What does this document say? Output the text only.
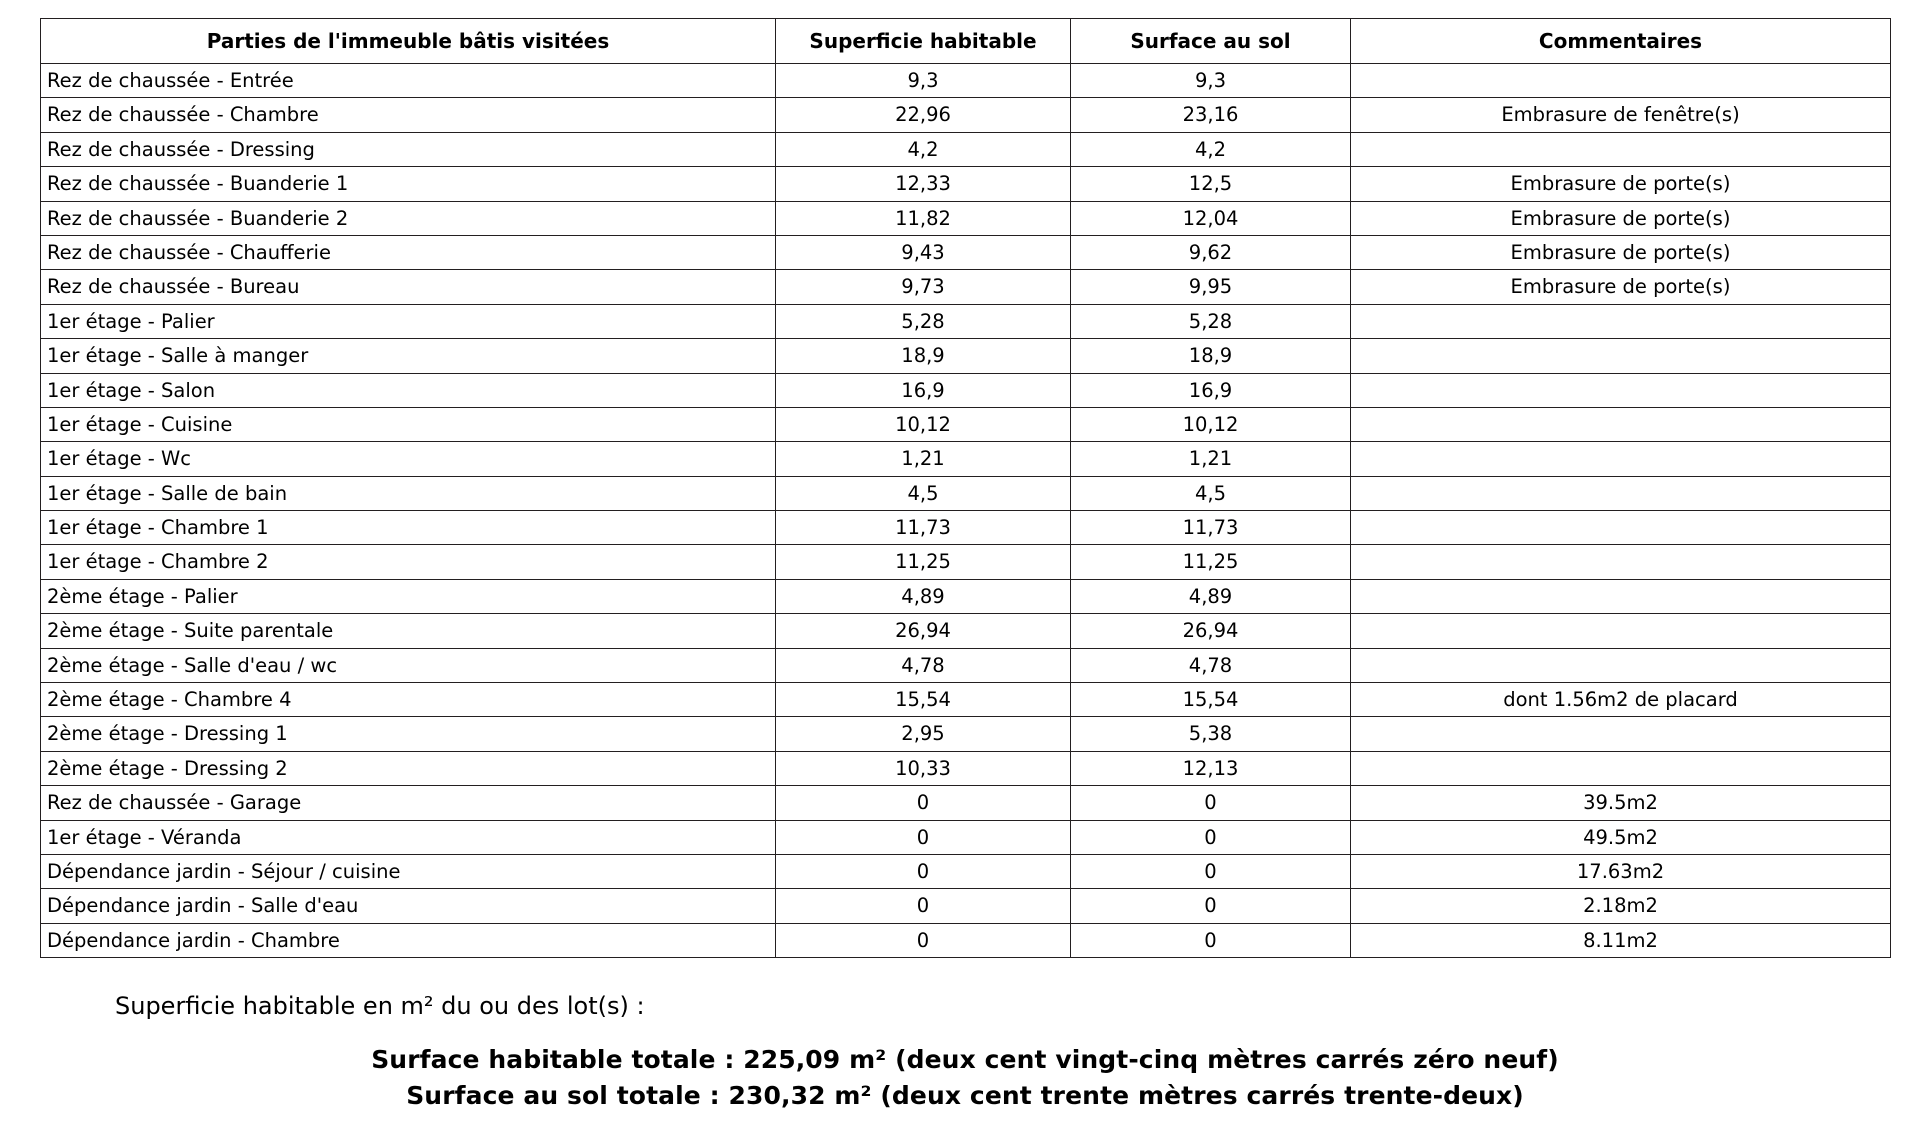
Parties de l'immeuble bâtis visitées	Superficie habitable	Surface au sol	Commentaires
Rez de chaussée - Entrée	9,3	9,3	
Rez de chaussée - Chambre	22,96	23,16	Embrasure de fenêtre(s)
Rez de chaussée - Dressing	4,2	4,2	
Rez de chaussée - Buanderie 1	12,33	12,5	Embrasure de porte(s)
Rez de chaussée - Buanderie 2	11,82	12,04	Embrasure de porte(s)
Rez de chaussée - Chaufferie	9,43	9,62	Embrasure de porte(s)
Rez de chaussée - Bureau	9,73	9,95	Embrasure de porte(s)
1er étage - Palier	5,28	5,28	
1er étage - Salle à manger	18,9	18,9	
1er étage - Salon	16,9	16,9	
1er étage - Cuisine	10,12	10,12	
1er étage - Wc	1,21	1,21	
1er étage - Salle de bain	4,5	4,5	
1er étage - Chambre 1	11,73	11,73	
1er étage - Chambre 2	11,25	11,25	
2ème étage - Palier	4,89	4,89	
2ème étage - Suite parentale	26,94	26,94	
2ème étage - Salle d'eau / wc	4,78	4,78	
2ème étage - Chambre 4	15,54	15,54	dont 1.56m2 de placard
2ème étage - Dressing 1	2,95	5,38	
2ème étage - Dressing 2	10,33	12,13	
Rez de chaussée - Garage	0	0	39.5m2
1er étage - Véranda	0	0	49.5m2
Dépendance jardin - Séjour / cuisine	0	0	17.63m2
Dépendance jardin - Salle d'eau	0	0	2.18m2
Dépendance jardin - Chambre	0	0	8.11m2
Superficie habitable en m² du ou des lot(s) :
Surface habitable totale : 225,09 m² (deux cent vingt-cinq mètres carrés zéro neuf)
Surface au sol totale : 230,32 m² (deux cent trente mètres carrés trente-deux)
